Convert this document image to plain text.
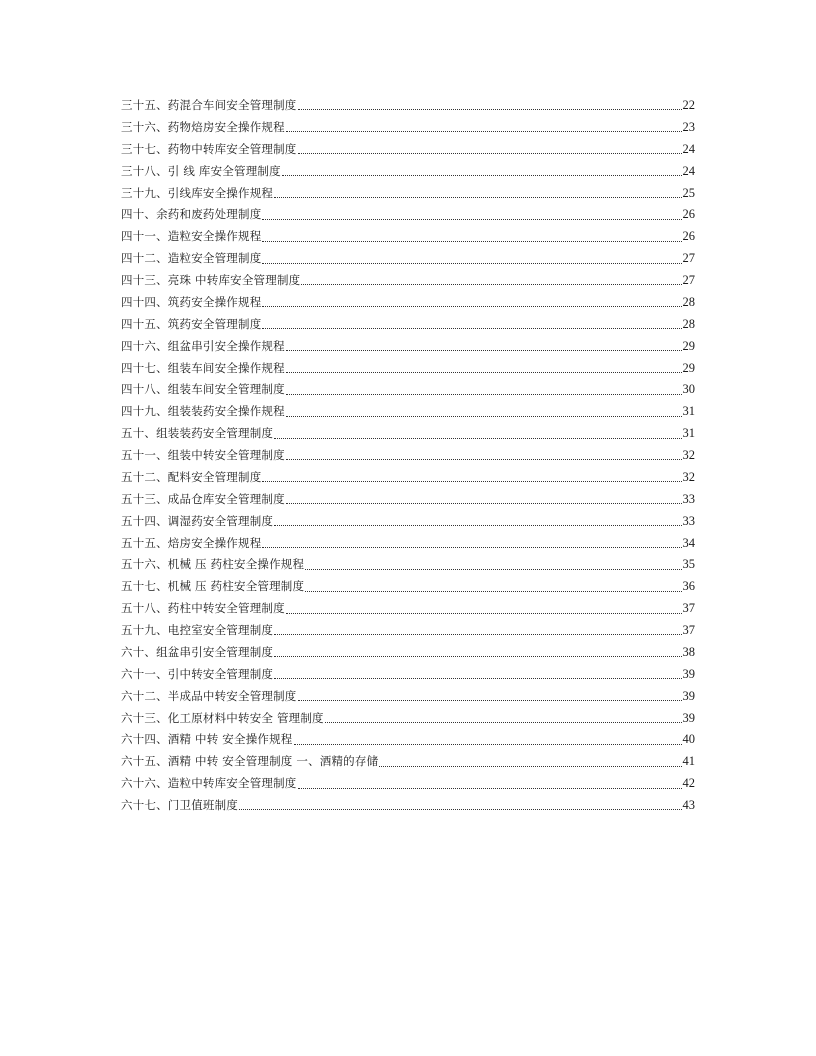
三十五、药混合车间安全管理制度	22
三十六、药物焙房安全操作规程	23
三十七、药物中转库安全管理制度	24
三十八、引 线 库安全管理制度	24
三十九、引线库安全操作规程	25
四十、余药和废药处理制度	26
四十一、造粒安全操作规程	26
四十二、造粒安全管理制度	27
四十三、亮珠 中转库安全管理制度	27
四十四、筑药安全操作规程	28
四十五、筑药安全管理制度	28
四十六、组盆串引安全操作规程	29
四十七、组装车间安全操作规程	29
四十八、组装车间安全管理制度	30
四十九、组装装药安全操作规程	31
五十、组装装药安全管理制度	31
五十一、组装中转安全管理制度	32
五十二、配料安全管理制度	32
五十三、成品仓库安全管理制度	33
五十四、调湿药安全管理制度	33
五十五、焙房安全操作规程	34
五十六、机械 压 药柱安全操作规程	35
五十七、机械 压 药柱安全管理制度	36
五十八、药柱中转安全管理制度	37
五十九、电控室安全管理制度	37
六十、组盆串引安全管理制度	38
六十一、引中转安全管理制度	39
六十二、半成品中转安全管理制度	39
六十三、化工原材料中转安全 管理制度	39
六十四、酒精 中转 安全操作规程	40
六十五、酒精 中转 安全管理制度 一、酒精的存储	41
六十六、造粒中转库安全管理制度	42
六十七、门卫值班制度	43
